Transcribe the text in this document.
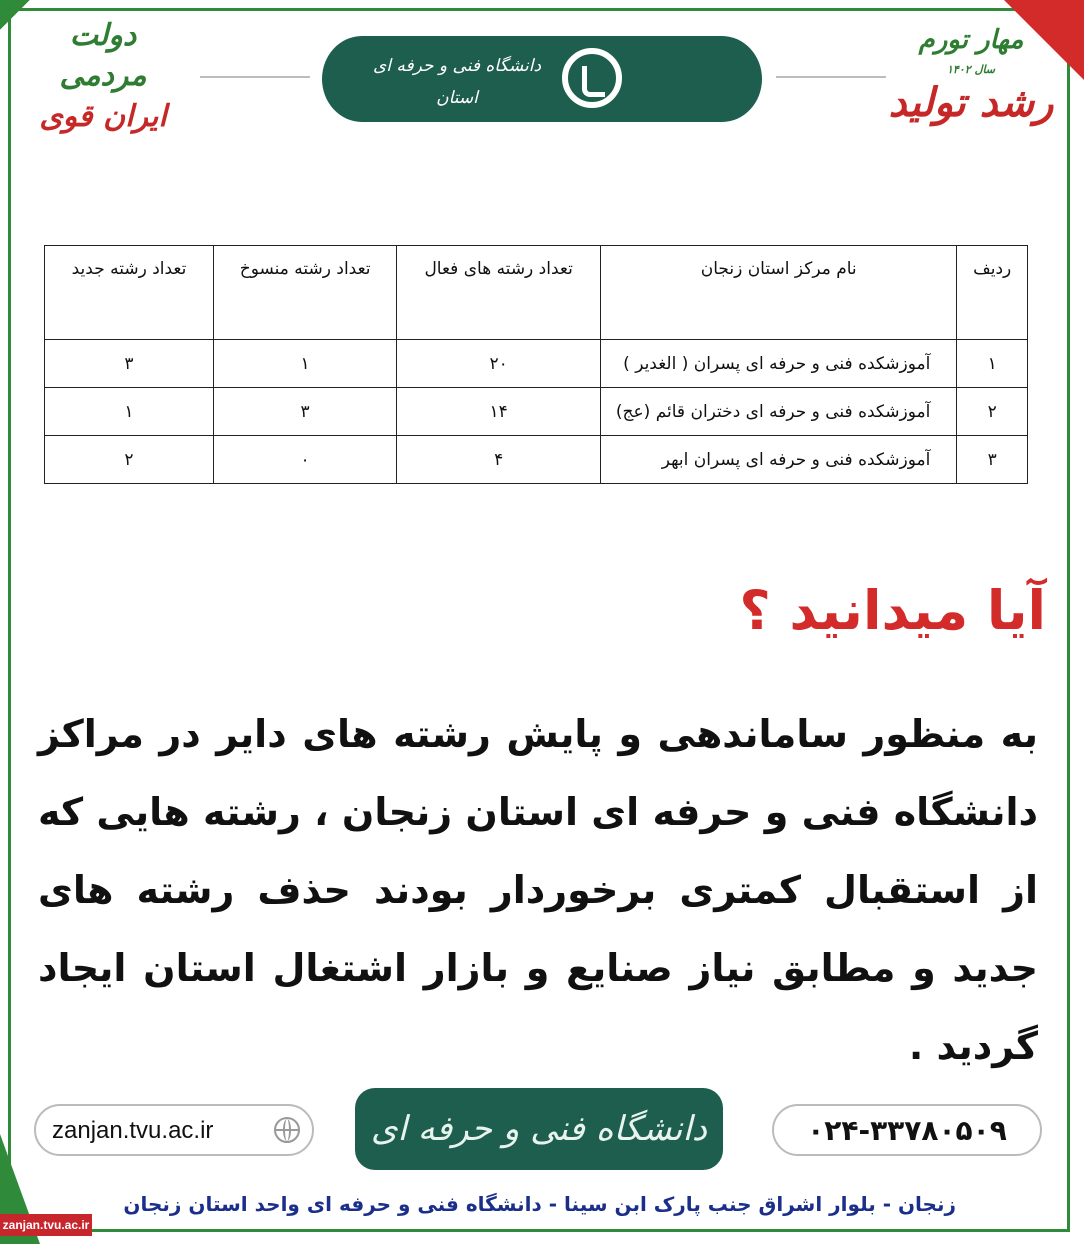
دولت مردمی
ایران قوی
دانشگاه فنی و حرفه ای استان
زنجان
مهار تورم
سال ۱۴۰۲
رشد تولید
ردیف	نام مرکز استان زنجان	تعداد رشته های فعال	تعداد رشته منسوخ	تعداد رشته جدید
۱	آموزشکده فنی و حرفه ای پسران ( الغدیر )	۲۰	۱	۳
۲	آموزشکده فنی و حرفه ای دختران قائم (عج)	۱۴	۳	۱
۳	آموزشکده فنی و حرفه ای پسران ابهر	۴	۰	۲
آیا میدانید ؟
به منظور ساماندهی و پایش رشته های دایر در مراکز دانشگاه فنی و حرفه ای استان زنجان ، رشته هایی که از استقبال کمتری برخوردار بودند حذف رشته های جدید و مطابق نیاز صنایع و بازار اشتغال استان ایجاد گردید .
zanjan.tvu.ac.ir	دانشگاه فنی و حرفه ای	۰۲۴-۳۳۷۸۰۵۰۹
زنجان - بلوار اشراق جنب پارک ابن سینا - دانشگاه فنی و حرفه ای واحد استان زنجان
zanjan.tvu.ac.ir
